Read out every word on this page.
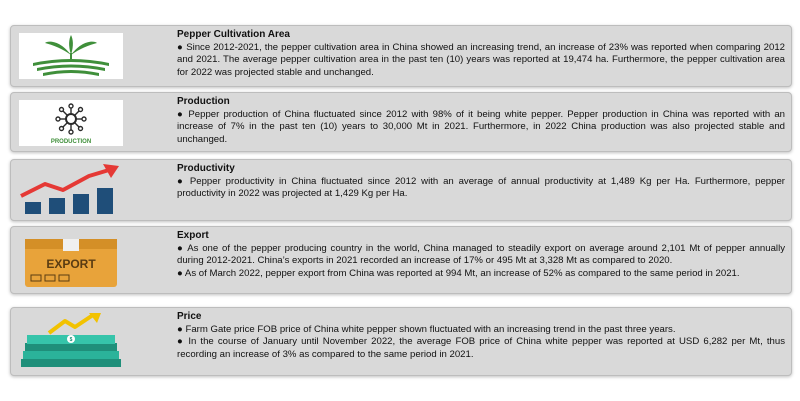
Pepper Cultivation Area
● Since 2012-2021, the pepper cultivation area in China showed an increasing trend, an increase of 23% was reported when comparing 2012 and 2021. The average pepper cultivation area in the past ten (10) years was reported at 19,474 ha. Furthermore, the pepper cultivation area for 2022 was projected stable and unchanged.
PRODUCTION
Production
● Pepper production of China fluctuated since 2012 with 98% of it being white pepper. Pepper production in China was reported with an increase of 7% in the past ten (10) years to 30,000 Mt in 2021. Furthermore, in 2022 China production was also projected stable and unchanged.
Productivity
● Pepper productivity in China fluctuated since 2012 with an average of annual productivity at 1,489 Kg per Ha. Furthermore, pepper productivity in 2022 was projected at 1,429 Kg per Ha.
EXPORT
Export
● As one of the pepper producing country in the world, China managed to steadily export on average around 2,101 Mt of pepper annually during 2012-2021. China’s exports in 2021 recorded an increase of 17% or 495 Mt at 3,328 Mt as compared to 2020.
● As of March 2022, pepper export from China was reported at 994 Mt, an increase of 52% as compared to the same period in 2021.
$
Price
● Farm Gate price FOB price of China white pepper shown fluctuated with an increasing trend in the past three years.
● In the course of January until November 2022, the average FOB price of China white pepper was reported at USD 6,282 per Mt, thus recording an increase of 3% as compared to the same period in 2021.
